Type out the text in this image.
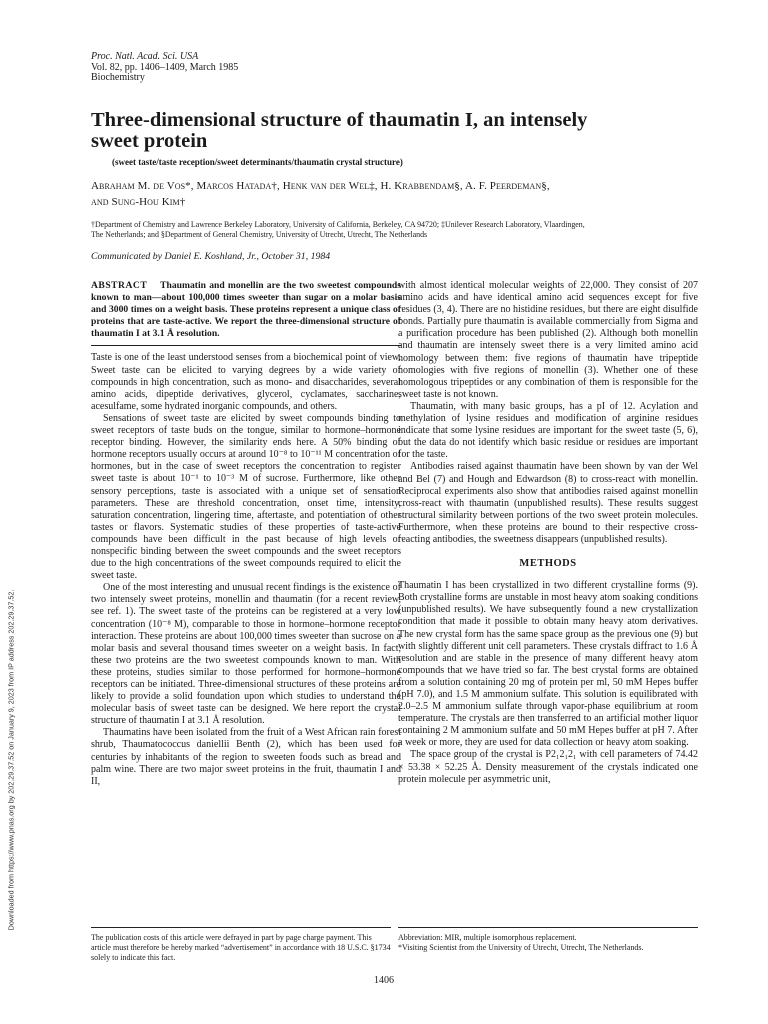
Downloaded from https://www.pnas.org by 202.29.37.52 on January 9, 2023 from IP address 202.29.37.52.
Proc. Natl. Acad. Sci. USA
Vol. 82, pp. 1406–1409, March 1985
Biochemistry
Three-dimensional structure of thaumatin I, an intensely
sweet protein
(sweet taste/taste reception/sweet determinants/thaumatin crystal structure)
Abraham M. de Vos*, Marcos Hatada†, Henk van der Wel‡, H. Krabbendam§, A. F. Peerdeman§,
and Sung-Hou Kim†
†Department of Chemistry and Lawrence Berkeley Laboratory, University of California, Berkeley, CA 94720; ‡Unilever Research Laboratory, Vlaardingen,
The Netherlands; and §Department of General Chemistry, University of Utrecht, Utrecht, The Netherlands
Communicated by Daniel E. Koshland, Jr., October 31, 1984

ABSTRACT Thaumatin and monellin are the two sweetest compounds known to man—about 100,000 times sweeter than sugar on a molar basis and 3000 times on a weight basis. These proteins represent a unique class of proteins that are taste-active. We report the three-dimensional structure of thaumatin I at 3.1 Å resolution.

Taste is one of the least understood senses from a biochemical point of view. Sweet taste can be elicited to varying degrees by a wide variety of compounds in high concentration, such as mono- and disaccharides, several amino acids, dipeptide derivatives, glycerol, cyclamates, saccharine, acesulfame, some hydrated inorganic compounds, and others.

Sensations of sweet taste are elicited by sweet compounds binding to sweet receptors of taste buds on the tongue, similar to hormone–hormone receptor binding. However, the similarity ends here. A 50% binding of hormone receptors usually occurs at around 10⁻⁸ to 10⁻¹¹ M concentration of hormones, but in the case of sweet receptors the concentration to register sweet taste is about 10⁻¹ to 10⁻³ M of sucrose. Furthermore, like other sensory perceptions, taste is associated with a unique set of sensation parameters. These are threshold concentration, onset time, intensity, saturation concentration, lingering time, aftertaste, and potentiation of other tastes or flavors. Systematic studies of these properties of taste-active compounds have been difficult in the past because of high levels of nonspecific binding between the sweet compounds and the sweet receptors due to the high concentrations of the sweet compounds required to elicit the sweet taste.

One of the most interesting and unusual recent findings is the existence of two intensely sweet proteins, monellin and thaumatin (for a recent review, see ref. 1). The sweet taste of the proteins can be registered at a very low concentration (10⁻⁸ M), comparable to those in hormone–hormone receptor interaction. These proteins are about 100,000 times sweeter than sucrose on a molar basis and several thousand times sweeter on a weight basis. In fact, these two proteins are the two sweetest compounds known to man. With these proteins, studies similar to those performed for hormone–hormone receptors can be initiated. Three-dimensional structures of these proteins are likely to provide a solid foundation upon which studies to understand the molecular basis of sweet taste can be designed. We here report the crystal structure of thaumatin I at 3.1 Å resolution.

Thaumatins have been isolated from the fruit of a West African rain forest shrub, Thaumatococcus daniellii Benth (2), which has been used for centuries by inhabitants of the region to sweeten foods such as bread and palm wine. There are two major sweet proteins in the fruit, thaumatin I and II,

with almost identical molecular weights of 22,000. They consist of 207 amino acids and have identical amino acid sequences except for five residues (3, 4). There are no histidine residues, but there are eight disulfide bonds. Partially pure thaumatin is available commercially from Sigma and a purification procedure has been published (2). Although both monellin and thaumatin are intensely sweet there is a very limited amino acid homology between them: five regions of thaumatin have tripeptide homologies with five regions of monellin (3). Whether one of these homologous tripeptides or any combination of them is responsible for the sweet taste is not known.

Thaumatin, with many basic groups, has a pI of 12. Acylation and methylation of lysine residues and modification of arginine residues indicate that some lysine residues are important for the sweet taste (5, 6), but the data do not identify which basic residue or residues are important for the taste.

Antibodies raised against thaumatin have been shown by van der Wel and Bel (7) and Hough and Edwardson (8) to cross-react with monellin. Reciprocal experiments also show that antibodies raised against monellin cross-react with thaumatin (unpublished results). These results suggest structural similarity between portions of the two sweet protein molecules. Furthermore, when these proteins are bound to their respective cross-reacting antibodies, the sweetness disappears (unpublished results).

METHODS

Thaumatin I has been crystallized in two different crystalline forms (9). Both crystalline forms are unstable in most heavy atom soaking conditions (unpublished results). We have subsequently found a new crystallization condition that made it possible to obtain many heavy atom derivatives. The new crystal form has the same space group as the previous one (9) but with slightly different unit cell parameters. These crystals diffract to 1.6 Å resolution and are stable in the presence of many different heavy atom compounds that we have tried so far. The best crystal forms are obtained from a solution containing 20 mg of protein per ml, 50 mM Hepes buffer (pH 7.0), and 1.5 M ammonium sulfate. This solution is equilibrated with 2.0–2.5 M ammonium sulfate through vapor-phase equilibrium at room temperature. The crystals are then transferred to an artificial mother liquor containing 2 M ammonium sulfate and 50 mM Hepes buffer at pH 7. After a week or more, they are used for data collection or heavy atom soaking.

The space group of the crystal is P2₁2₁2₁ with cell parameters of 74.42 × 53.38 × 52.25 Å. Density measurement of the crystals indicated one protein molecule per asymmetric unit,

The publication costs of this article were defrayed in part by page charge payment. This article must therefore be hereby marked “advertisement” in accordance with 18 U.S.C. §1734 solely to indicate this fact.
Abbreviation: MIR, multiple isomorphous replacement.
*Visiting Scientist from the University of Utrecht, Utrecht, The Netherlands.
1406
